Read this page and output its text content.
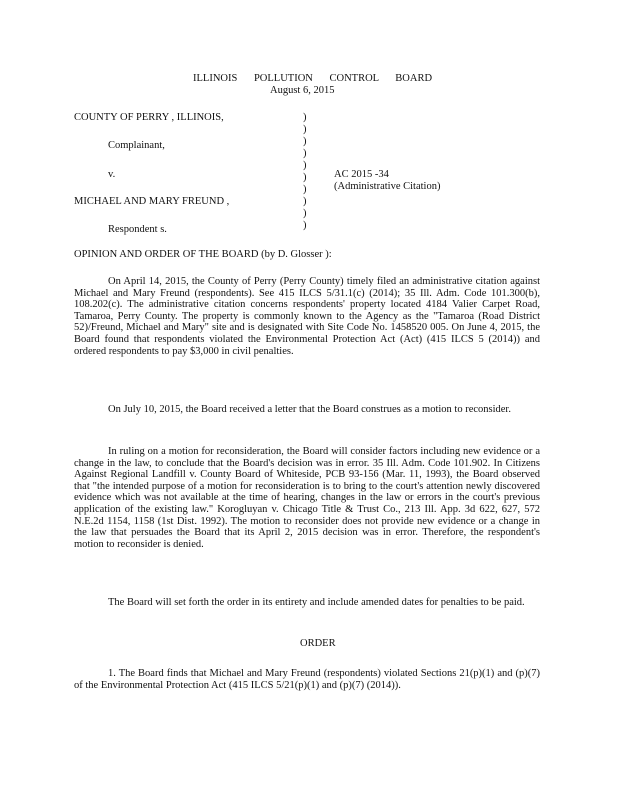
ILLINOIS POLLUTION CONTROL BOARD
August 6, 2015
COUNTY OF PERRY , ILLINOIS,
Complainant,
v.
MICHAEL AND MARY FREUND ,
Respondent s.
)
)
)
)
)
)
)
)
)
)
AC 2015 -34
(Administrative Citation)
OPINION AND ORDER OF THE BOARD (by D. Glosser ):
On April 14, 2015, the County of Perry (Perry County) timely filed an administrative citation against Michael and Mary Freund (respondents). See 415 ILCS 5/31.1(c) (2014); 35 Ill. Adm. Code 101.300(b), 108.202(c). The administrative citation concerns respondents' property located 4184 Valier Carpet Road, Tamaroa, Perry County. The property is commonly known to the Agency as the "Tamaroa (Road District 52)/Freund, Michael and Mary" site and is designated with Site Code No. 1458520 005. On June 4, 2015, the Board found that respondents violated the Environmental Protection Act (Act) (415 ILCS 5 (2014)) and ordered respondents to pay $3,000 in civil penalties.
On July 10, 2015, the Board received a letter that the Board construes as a motion to reconsider.
In ruling on a motion for reconsideration, the Board will consider factors including new evidence or a change in the law, to conclude that the Board's decision was in error. 35 Ill. Adm. Code 101.902. In Citizens Against Regional Landfill v. County Board of Whiteside, PCB 93-156 (Mar. 11, 1993), the Board observed that "the intended purpose of a motion for reconsideration is to bring to the court's attention newly discovered evidence which was not available at the time of hearing, changes in the law or errors in the court's previous application of the existing law." Korogluyan v. Chicago Title & Trust Co., 213 Ill. App. 3d 622, 627, 572 N.E.2d 1154, 1158 (1st Dist. 1992). The motion to reconsider does not provide new evidence or a change in the law that persuades the Board that its April 2, 2015 decision was in error. Therefore, the respondent's motion to reconsider is denied.
The Board will set forth the order in its entirety and include amended dates for penalties to be paid.
ORDER
1. The Board finds that Michael and Mary Freund (respondents) violated Sections 21(p)(1) and (p)(7) of the Environmental Protection Act (415 ILCS 5/21(p)(1) and (p)(7) (2014)).
